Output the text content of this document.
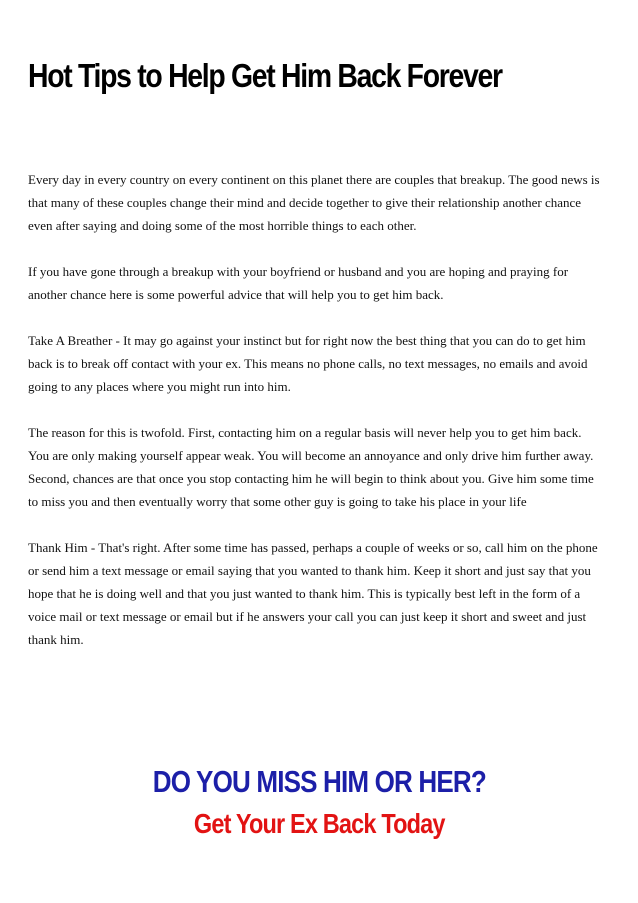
Hot Tips to Help Get Him Back Forever

Every day in every country on every continent on this planet there are couples that breakup. The good news is that many of these couples change their mind and decide together to give their relationship another chance even after saying and doing some of the most horrible things to each other.

If you have gone through a breakup with your boyfriend or husband and you are hoping and praying for another chance here is some powerful advice that will help you to get him back.

Take A Breather - It may go against your instinct but for right now the best thing that you can do to get him back is to break off contact with your ex. This means no phone calls, no text messages, no emails and avoid going to any places where you might run into him.

The reason for this is twofold. First, contacting him on a regular basis will never help you to get him back. You are only making yourself appear weak. You will become an annoyance and only drive him further away. Second, chances are that once you stop contacting him he will begin to think about you. Give him some time to miss you and then eventually worry that some other guy is going to take his place in your life

Thank Him - That's right. After some time has passed, perhaps a couple of weeks or so, call him on the phone or send him a text message or email saying that you wanted to thank him. Keep it short and just say that you hope that he is doing well and that you just wanted to thank him. This is typically best left in the form of a voice mail or text message or email but if he answers your call you can just keep it short and sweet and just thank him.

DO YOU MISS HIM OR HER?
Get Your Ex Back Today
